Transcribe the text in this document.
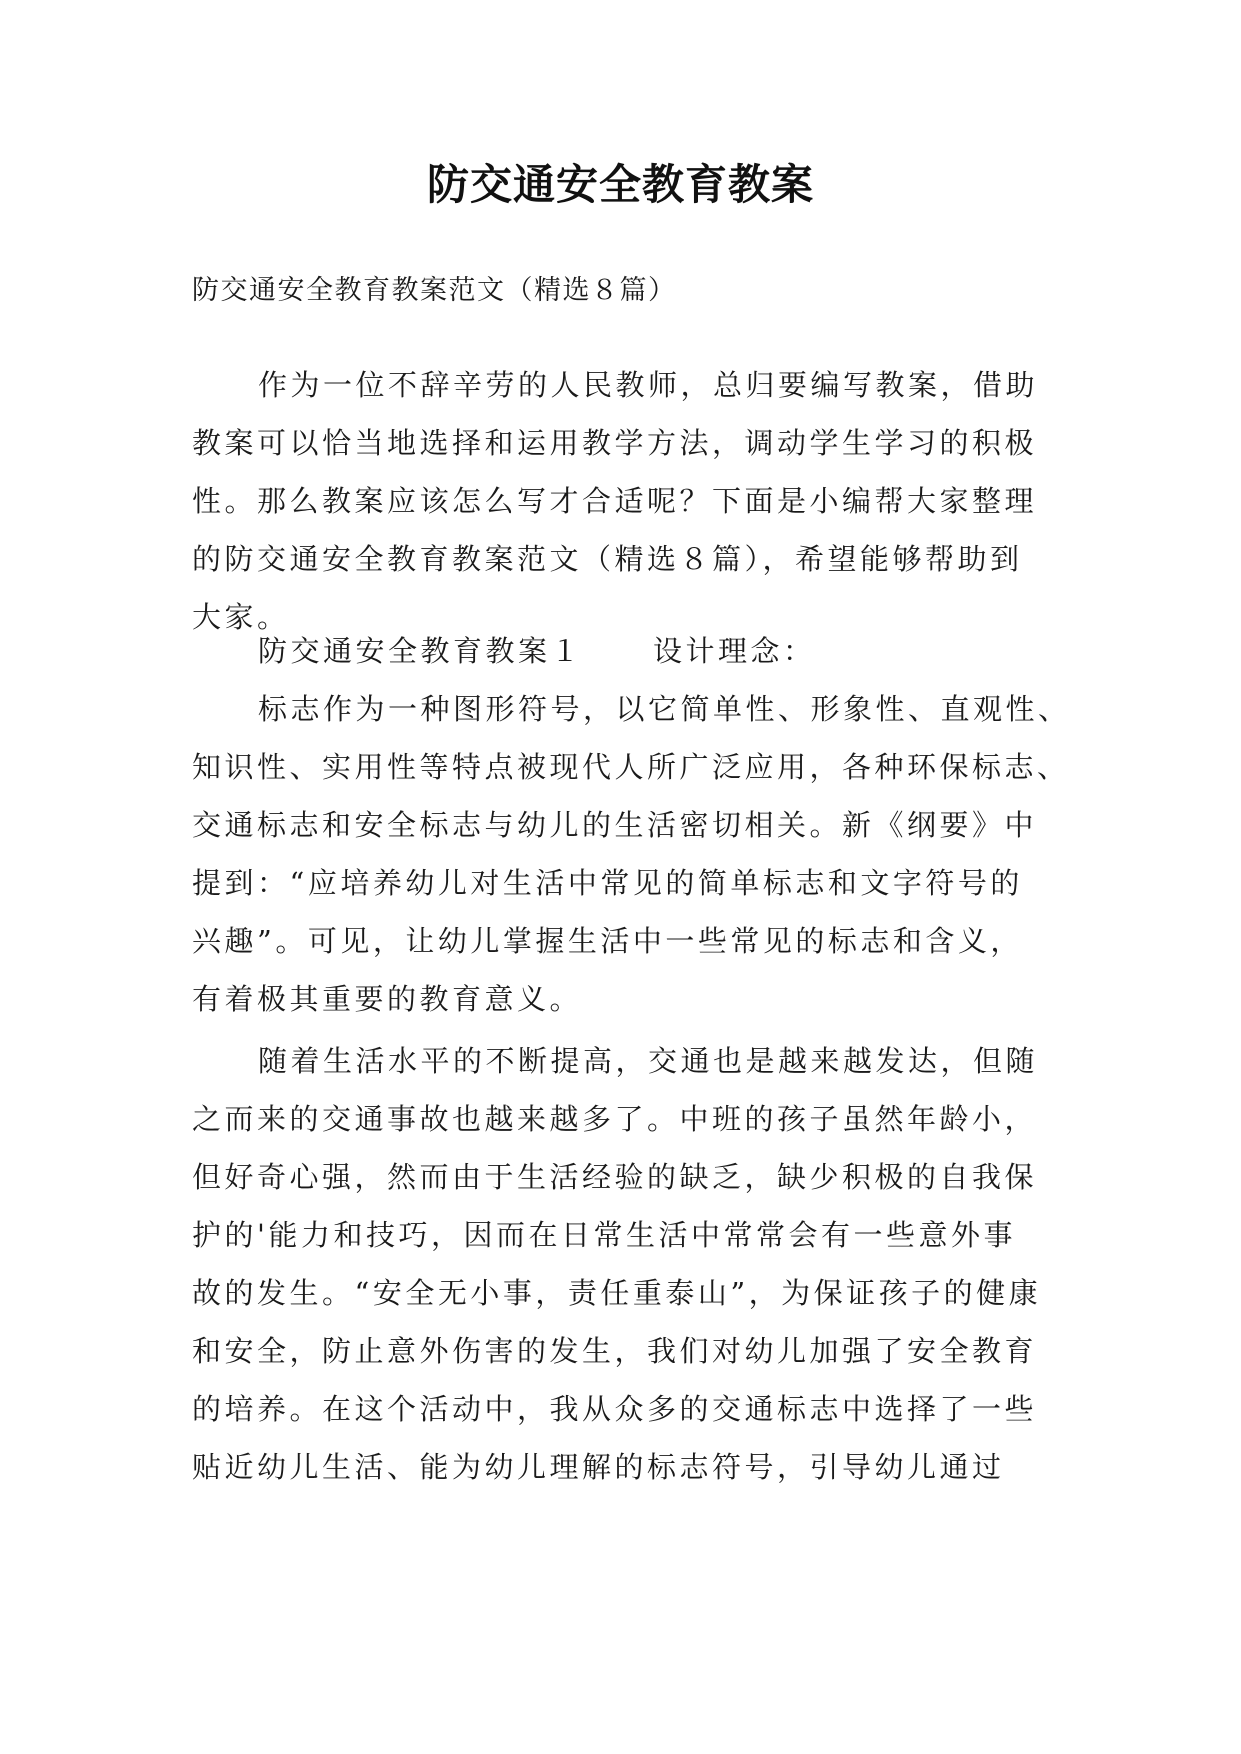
防交通安全教育教案

防交通安全教育教案范文（精选８篇）

作为一位不辞辛劳的人民教师，总归要编写教案，借助
教案可以恰当地选择和运用教学方法，调动学生学习的积极
性。那么教案应该怎么写才合适呢？下面是小编帮大家整理
的防交通安全教育教案范文（精选８篇），希望能够帮助到
大家。
防交通安全教育教案１ 设计理念：
标志作为一种图形符号，以它简单性、形象性、直观性、
知识性、实用性等特点被现代人所广泛应用，各种环保标志、
交通标志和安全标志与幼儿的生活密切相关。新《纲要》中
提到：“应培养幼儿对生活中常见的简单标志和文字符号的
兴趣”。可见，让幼儿掌握生活中一些常见的标志和含义，
有着极其重要的教育意义。
随着生活水平的不断提高，交通也是越来越发达，但随
之而来的交通事故也越来越多了。中班的孩子虽然年龄小，
但好奇心强，然而由于生活经验的缺乏，缺少积极的自我保
护的'能力和技巧，因而在日常生活中常常会有一些意外事
故的发生。“安全无小事，责任重泰山”，为保证孩子的健康
和安全，防止意外伤害的发生，我们对幼儿加强了安全教育
的培养。在这个活动中，我从众多的交通标志中选择了一些
贴近幼儿生活、能为幼儿理解的标志符号，引导幼儿通过
